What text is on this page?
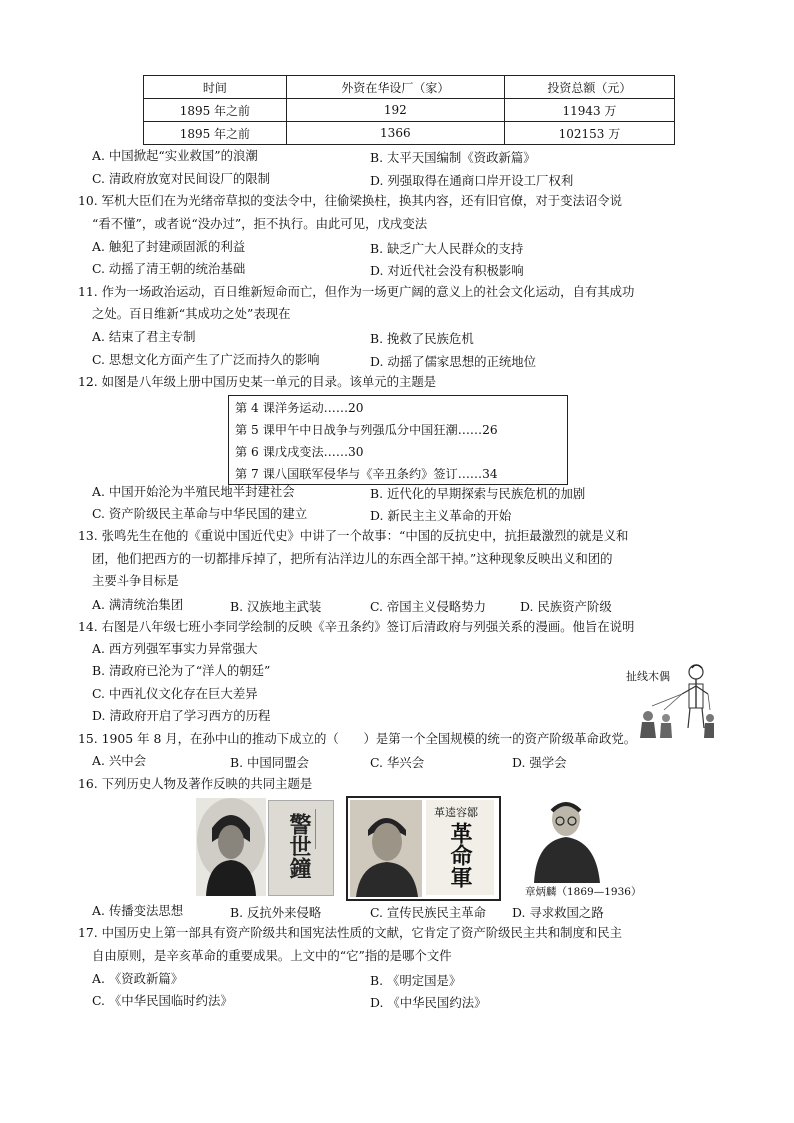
时间	外资在华设厂（家）	投资总额（元）
1895 年之前	192	11943 万
1895 年之前	1366	102153 万
A. 中国掀起“实业救国”的浪潮	B. 太平天国编制《资政新篇》
C. 清政府放宽对民间设厂的限制	D. 列强取得在通商口岸开设工厂权利
10. 军机大臣们在为光绪帝草拟的变法令中，往偷梁换柱，换其内容，还有旧官僚，对于变法诏令说
“看不懂”，或者说“没办过”，拒不执行。由此可见，戊戌变法
A. 触犯了封建顽固派的利益	B. 缺乏广大人民群众的支持
C. 动摇了清王朝的统治基础	D. 对近代社会没有积极影响
11. 作为一场政治运动，百日维新短命而亡，但作为一场更广阔的意义上的社会文化运动，自有其成功
之处。百日维新“其成功之处”表现在
A. 结束了君主专制	B. 挽救了民族危机
C. 思想文化方面产生了广泛而持久的影响	D. 动摇了儒家思想的正统地位
12. 如图是八年级上册中国历史某一单元的目录。该单元的主题是
第 4 课洋务运动……20
第 5 课甲午中日战争与列强瓜分中国狂潮……26
第 6 课戊戌变法……30
第 7 课八国联军侵华与《辛丑条约》签订……34
A. 中国开始沦为半殖民地半封建社会	B. 近代化的早期探索与民族危机的加剧
C. 资产阶级民主革命与中华民国的建立	D. 新民主主义革命的开始
13. 张鸣先生在他的《重说中国近代史》中讲了一个故事：“中国的反抗史中，抗拒最激烈的就是义和
团，他们把西方的一切都排斥掉了，把所有沾洋边儿的东西全部干掉。”这种现象反映出义和团的
主要斗争目标是
A. 满清统治集团	B. 汉族地主武装	C. 帝国主义侵略势力	D. 民族资产阶级
14. 右图是八年级七班小李同学绘制的反映《辛丑条约》签订后清政府与列强关系的漫画。他旨在说明
A. 西方列强军事实力异常强大
B. 清政府已沦为了“洋人的朝廷”
C. 中西礼仪文化存在巨大差异
D. 清政府开启了学习西方的历程
扯线木偶
15. 1905 年 8 月，在孙中山的推动下成立的（　　）是第一个全国规模的统一的资产阶级革命政党。
A. 兴中会	B. 中国同盟会	C. 华兴会	D. 强学会
16. 下列历史人物及著作反映的共同主题是
警世鐘
革逵容鄒
革命軍
章炳麟（1869—1936）
A. 传播变法思想	B. 反抗外来侵略	C. 宣传民族民主革命 D. 寻求救国之路
17. 中国历史上第一部具有资产阶级共和国宪法性质的文献，它肯定了资产阶级民主共和制度和民主
自由原则，是辛亥革命的重要成果。上文中的“它”指的是哪个文件
A. 《资政新篇》	B. 《明定国是》
C. 《中华民国临时约法》	D. 《中华民国约法》
